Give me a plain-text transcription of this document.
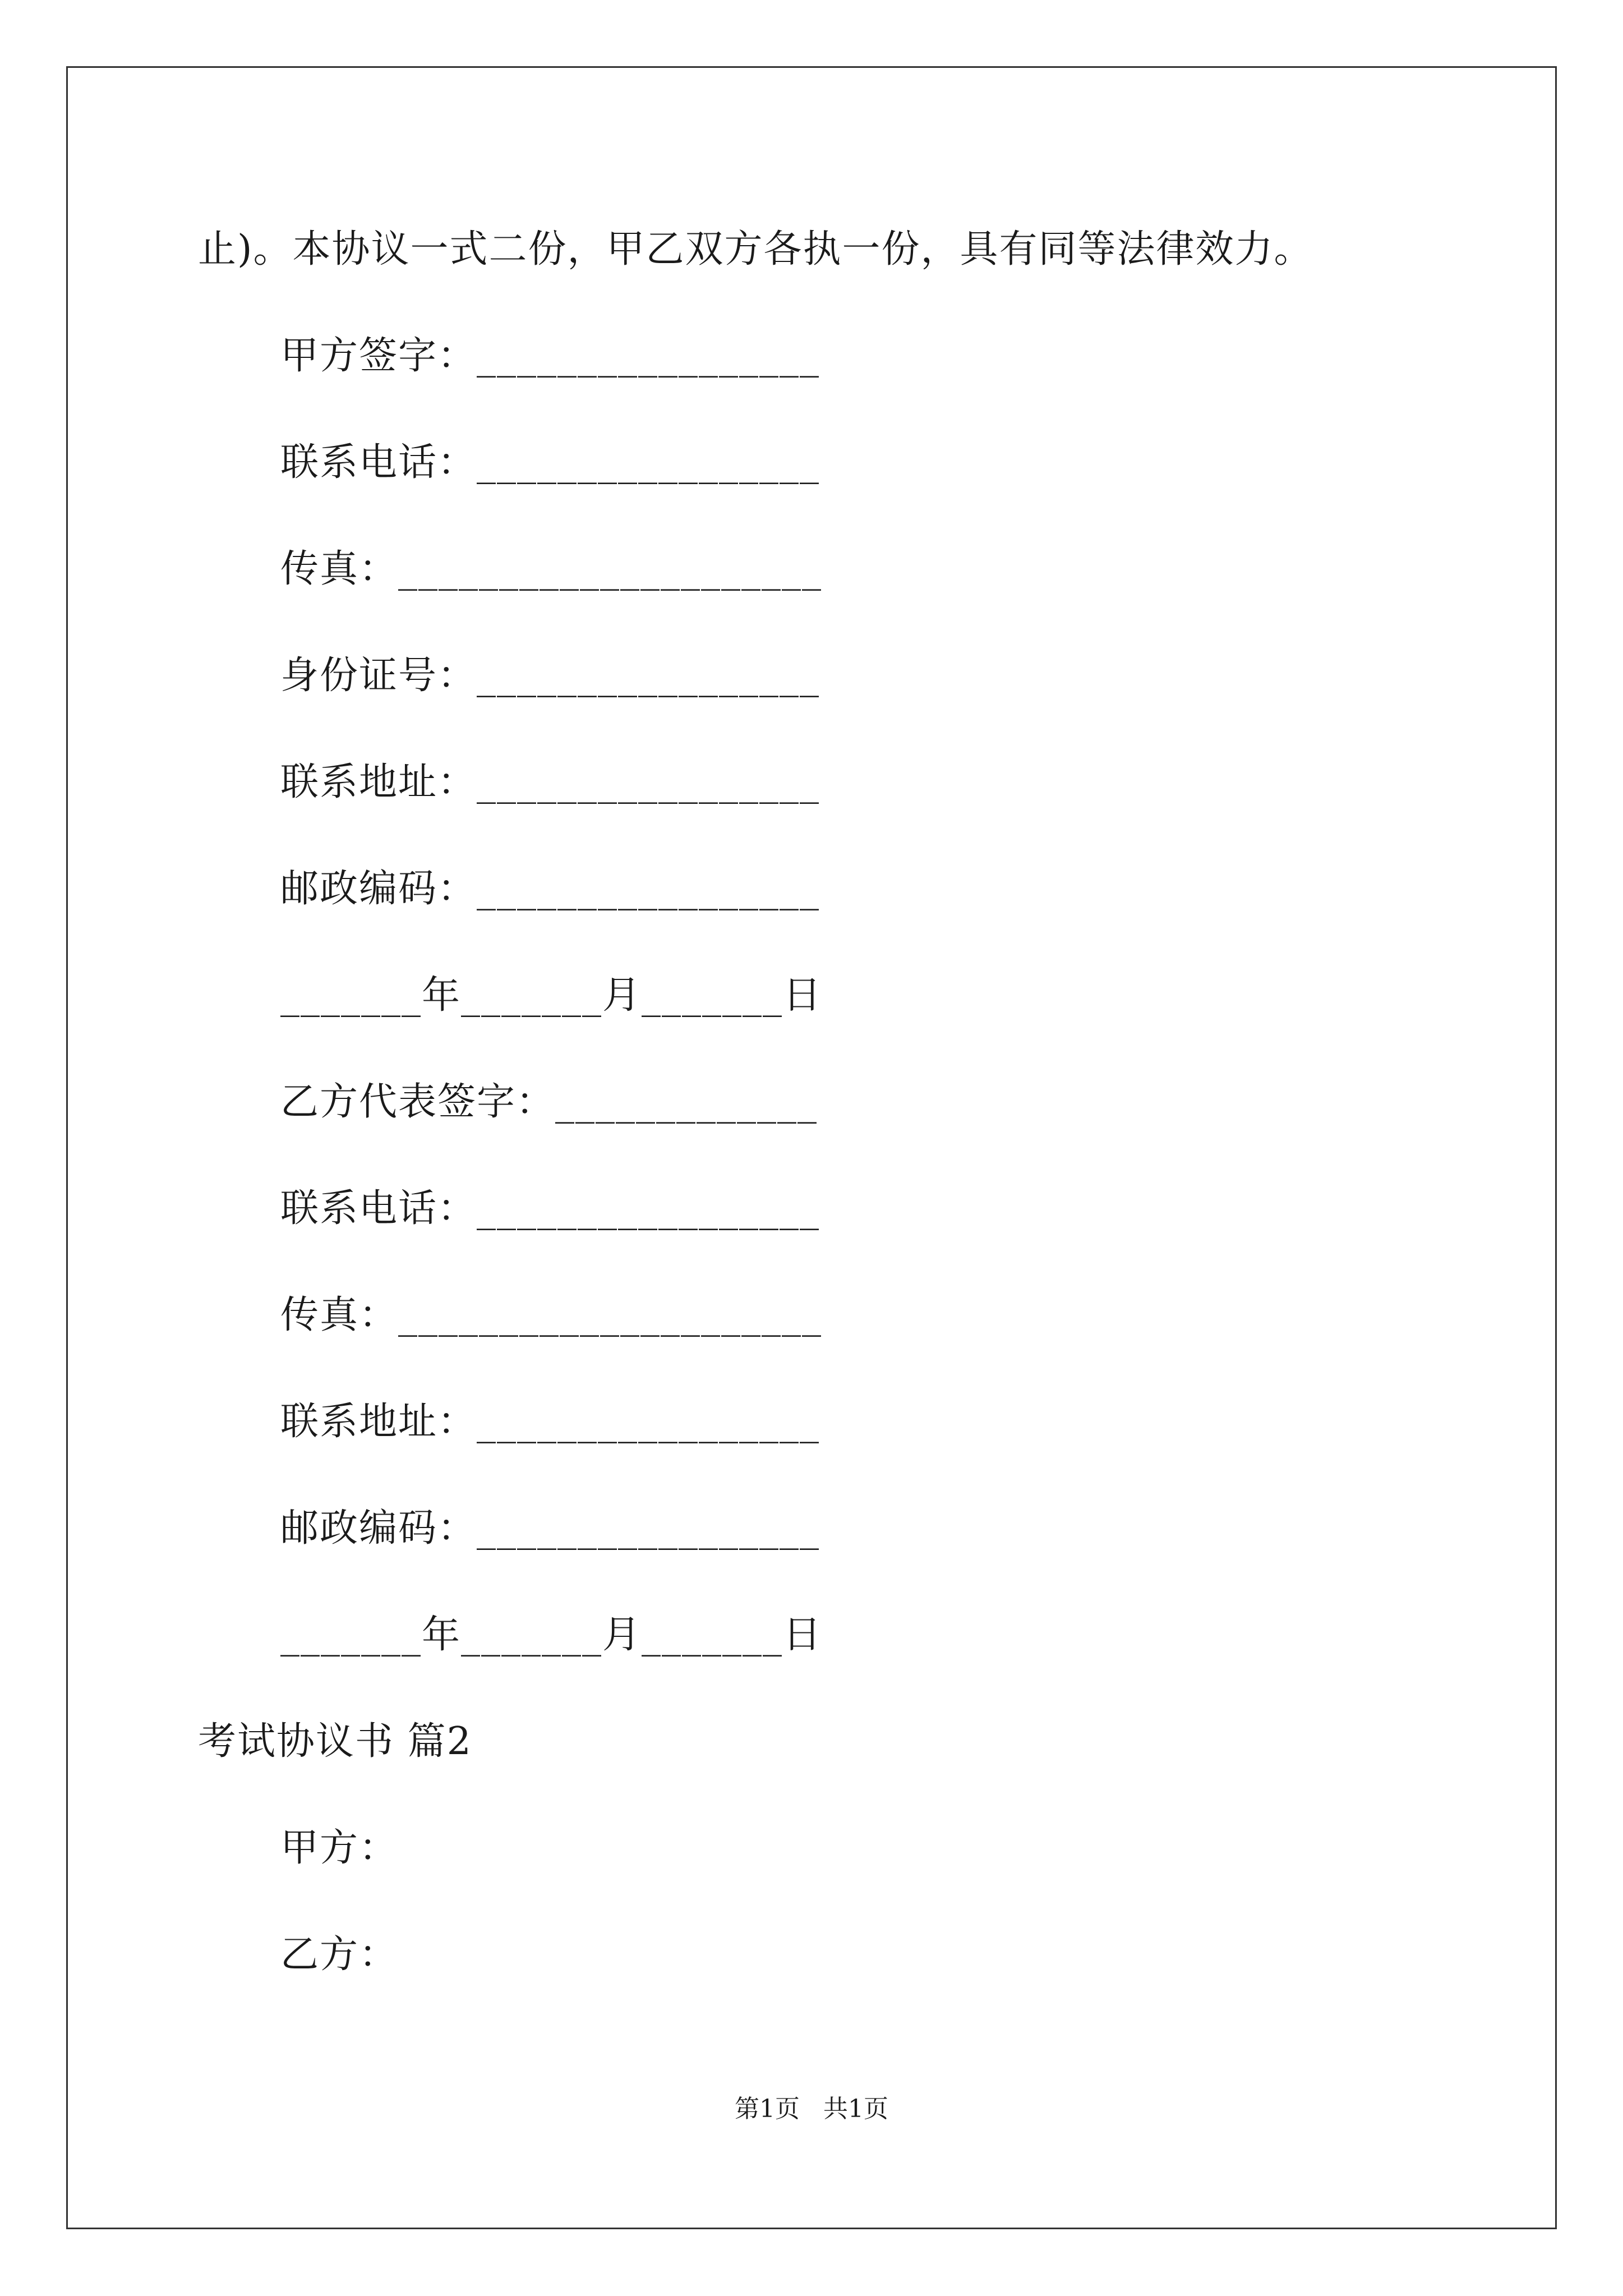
止)。本协议一式二份，甲乙双方各执一份，具有同等法律效力。
甲方签字：_________________
联系电话：_________________
传真：_____________________
身份证号：_________________
联系地址：_________________
邮政编码：_________________
_______年_______月_______日
乙方代表签字：_____________
联系电话：_________________
传真：_____________________
联系地址：_________________
邮政编码：_________________
_______年_______月_______日
考试协议书 篇2
甲方：
乙方：
第1页   共1页
